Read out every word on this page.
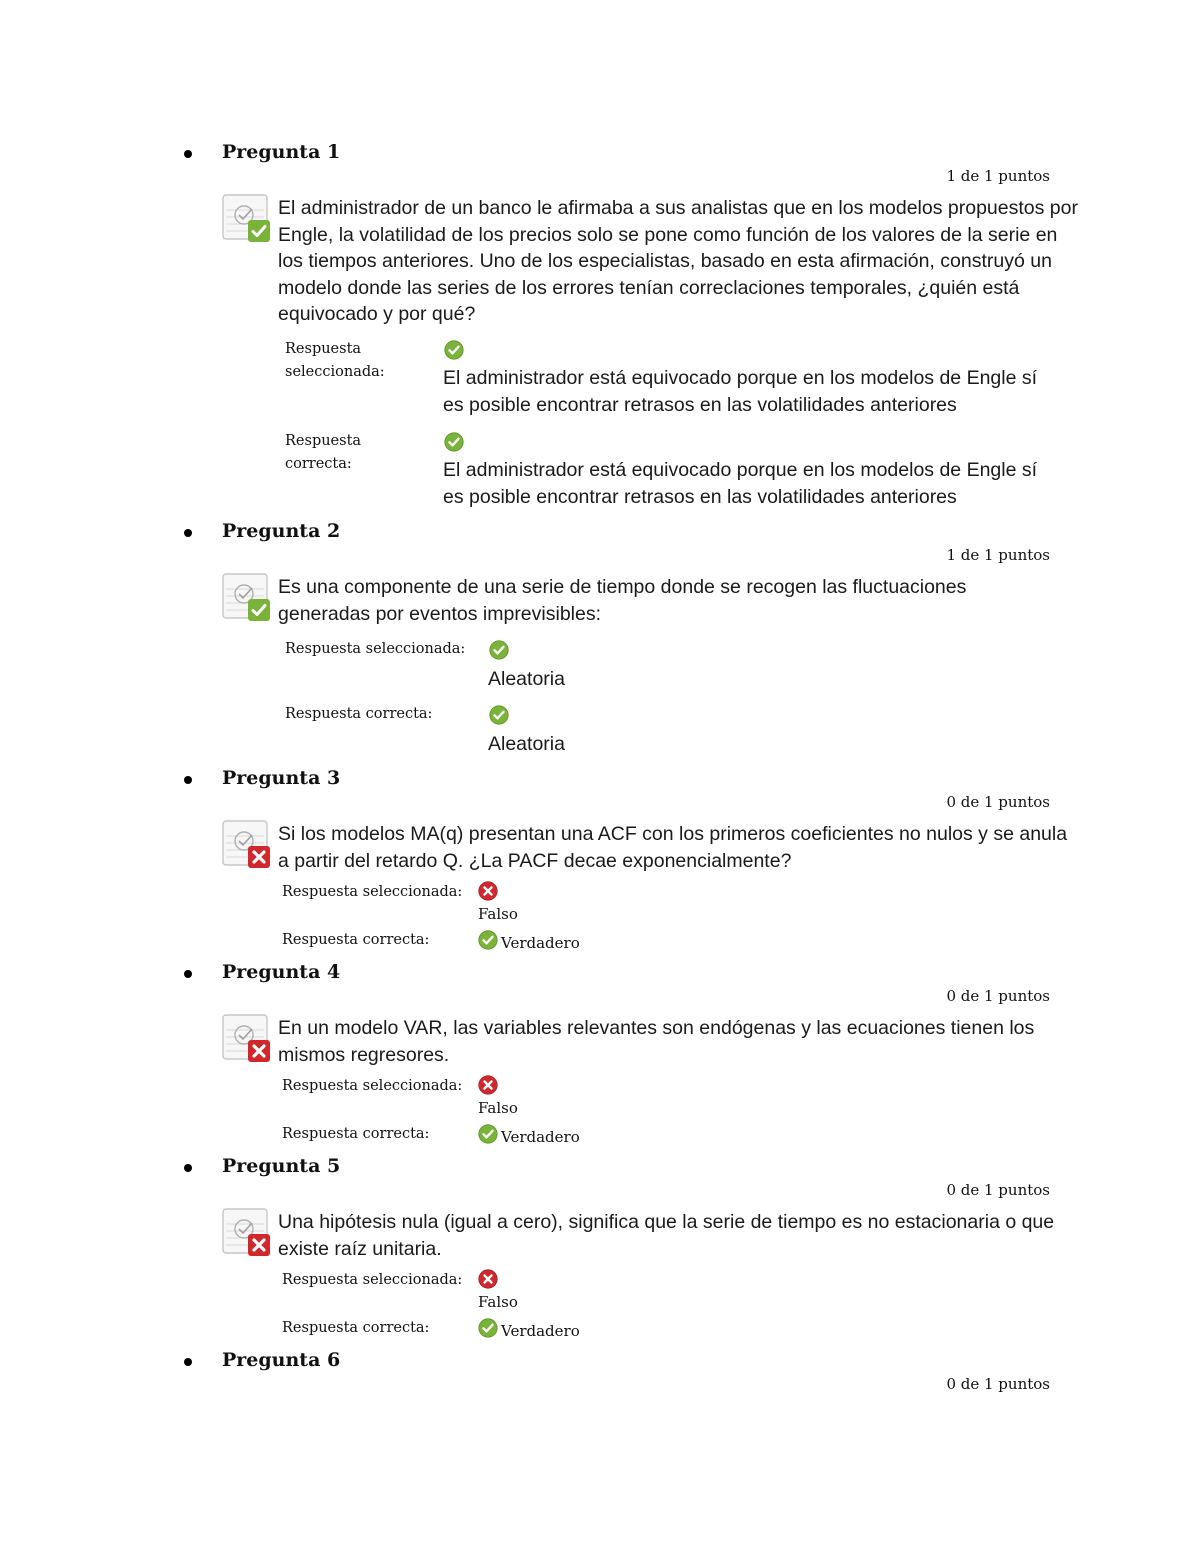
Pregunta 1
1 de 1 puntos
El administrador de un banco le afirmaba a sus analistas que en los modelos propuestos por Engle, la volatilidad de los precios solo se pone como función de los valores de la serie en los tiempos anteriores. Uno de los especialistas, basado en esta afirmación, construyó un modelo donde las series de los errores tenían correclaciones temporales, ¿quién está equivocado y por qué?
Respuesta seleccionada:	El administrador está equivocado porque en los modelos de Engle sí es posible encontrar retrasos en las volatilidades anteriores
Respuesta correcta:	El administrador está equivocado porque en los modelos de Engle sí es posible encontrar retrasos en las volatilidades anteriores
Pregunta 2
1 de 1 puntos
Es una componente de una serie de tiempo donde se recogen las fluctuaciones generadas por eventos imprevisibles:
Respuesta seleccionada:
Aleatoria
Respuesta correcta:
Aleatoria
Pregunta 3
0 de 1 puntos
Si los modelos MA(q) presentan una ACF con los primeros coeficientes no nulos y se anula a partir del retardo Q. ¿La PACF decae exponencialmente?
Respuesta seleccionada:
Falso
Respuesta correcta:	Verdadero
Pregunta 4
0 de 1 puntos
En un modelo VAR, las variables relevantes son endógenas y las ecuaciones tienen los mismos regresores.
Respuesta seleccionada:
Falso
Respuesta correcta:	Verdadero
Pregunta 5
0 de 1 puntos
Una hipótesis nula (igual a cero), significa que la serie de tiempo es no estacionaria o que existe raíz unitaria.
Respuesta seleccionada:
Falso
Respuesta correcta:	Verdadero
Pregunta 6
0 de 1 puntos
